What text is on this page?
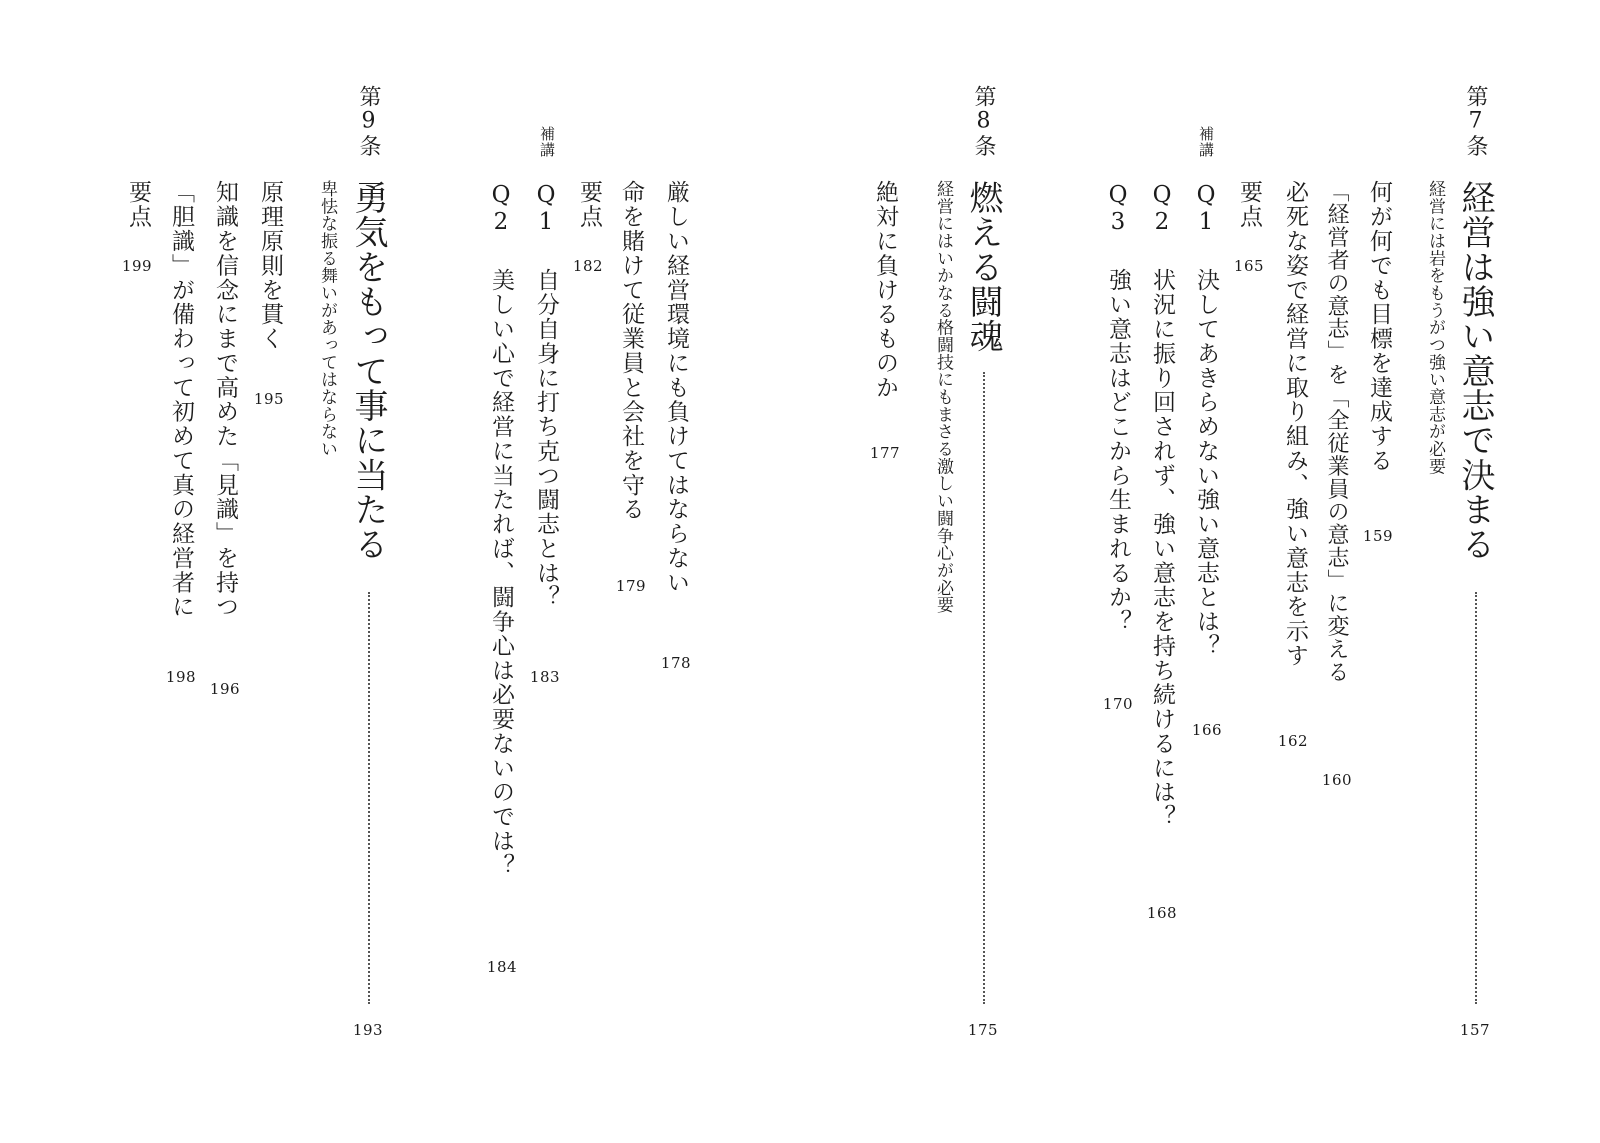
第7条
経営は強い意志で決まる
157
経営には岩をもうがつ強い意志が必要
何が何でも目標を達成する
159
「経営者の意志」を「全従業員の意志」に変える
160
必死な姿で経営に取り組み、強い意志を示す
162
要点
165
補講
Q1
決してあきらめない強い意志とは？
166
Q2
状況に振り回されず、強い意志を持ち続けるには？
168
Q3
強い意志はどこから生まれるか？
170
第8条
燃える闘魂
175
経営にはいかなる格闘技にもまさる激しい闘争心が必要
絶対に負けるものか
177
厳しい経営環境にも負けてはならない
178
命を賭けて従業員と会社を守る
179
要点
182
補講
Q1
自分自身に打ち克つ闘志とは？
183
Q2
美しい心で経営に当たれば、闘争心は必要ないのでは？
184
第9条
勇気をもって事に当たる
193
卑怯な振る舞いがあってはならない
原理原則を貫く
195
知識を信念にまで高めた「見識」を持つ
196
「胆識」が備わって初めて真の経営者に
198
要点
199
